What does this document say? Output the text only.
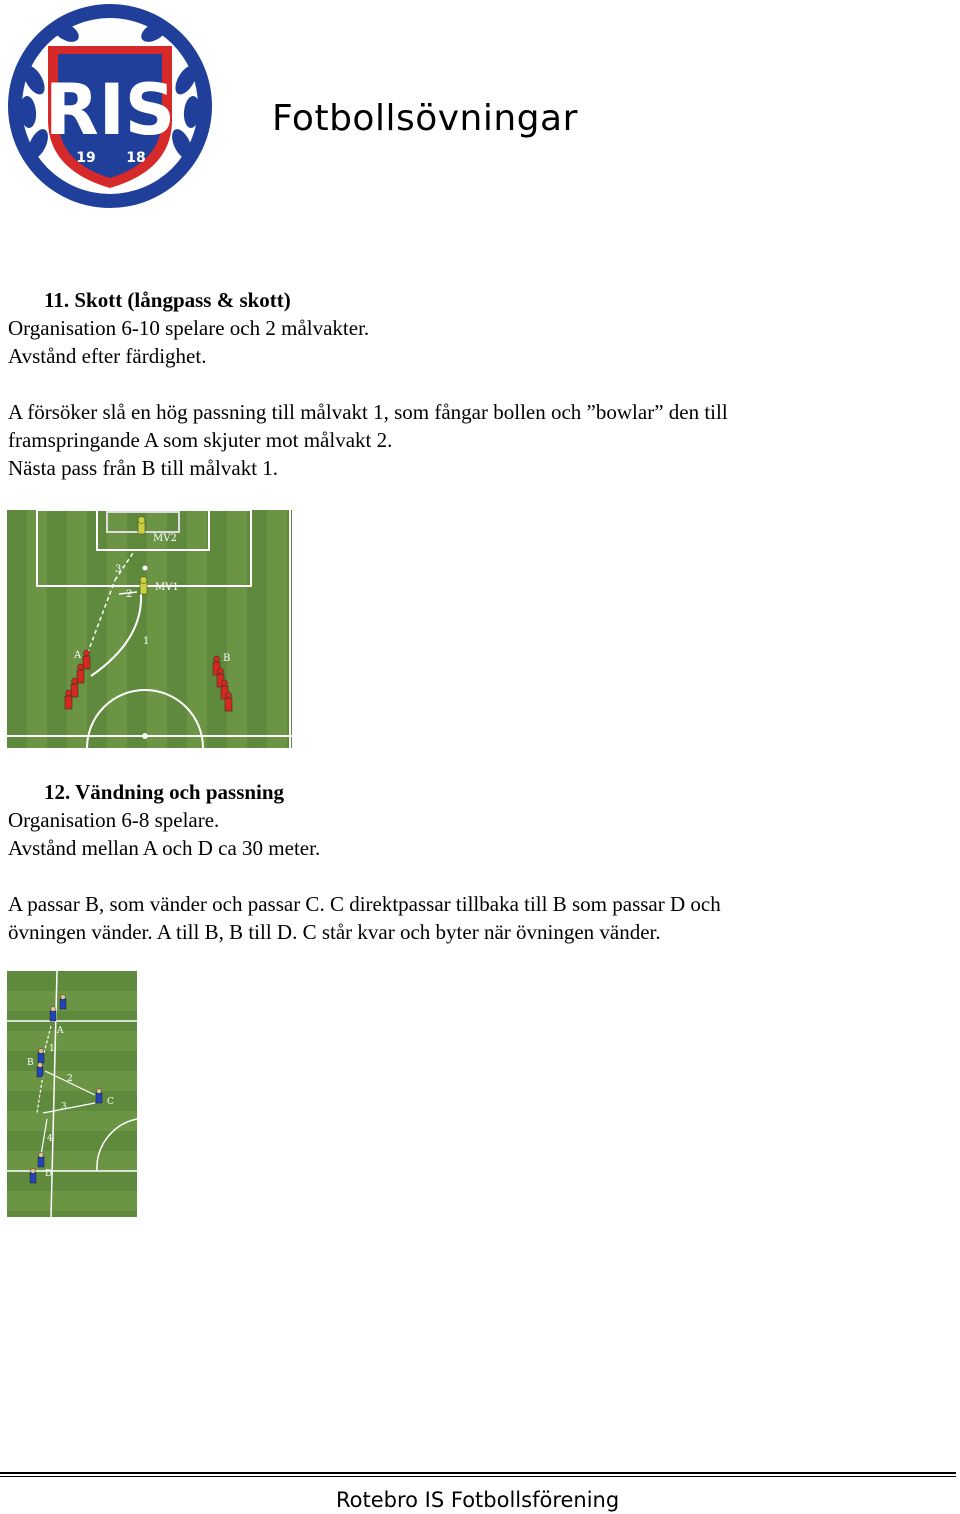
RIS
19 18
Fotbollsövningar
11. Skott (långpass & skott)
Organisation 6-10 spelare och 2 målvakter.
Avstånd efter färdighet.
A försöker slå en hög passning till målvakt 1, som fångar bollen och ”bowlar” den till
framspringande A som skjuter mot målvakt 2.
Nästa pass från B till målvakt 1.
MV2
MV1
A	B
1
2
3
12. Vändning och passning
Organisation 6-8 spelare.
Avstånd mellan A och D ca 30 meter.
A passar B, som vänder och passar C. C direktpassar tillbaka till B som passar D och
övningen vänder. A till B, B till D. C står kvar och byter när övningen vänder.
A
B
C
D
1
2
3
4
Rotebro IS Fotbollsförening
